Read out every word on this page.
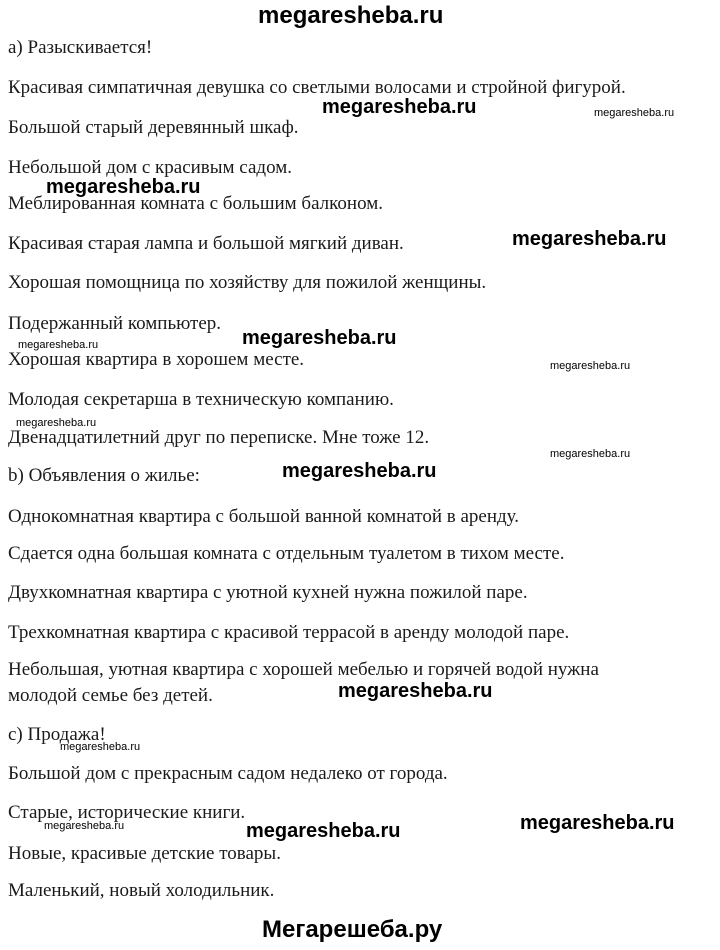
megaresheba.ru
a) Разыскивается!
Красивая симпатичная девушка со светлыми волосами и стройной фигурой.
Большой старый деревянный шкаф.
Небольшой дом с красивым садом.
Меблированная комната с большим балконом.
Красивая старая лампа и большой мягкий диван.
Хорошая помощница по хозяйству для пожилой женщины.
Подержанный компьютер.
Хорошая квартира в хорошем месте.
Молодая секретарша в техническую компанию.
Двенадцатилетний друг по переписке. Мне тоже 12.
b) Объявления о жилье:
Однокомнатная квартира с большой ванной комнатой в аренду.
Сдается одна большая комната с отдельным туалетом в тихом месте.
Двухкомнатная квартира с уютной кухней нужна пожилой паре.
Трехкомнатная квартира с красивой террасой в аренду молодой паре.
Небольшая, уютная квартира с хорошей мебелью и горячей водой нужна
молодой семье без детей.
c) Продажа!
Большой дом с прекрасным садом недалеко от города.
Старые, исторические книги.
Новые, красивые детские товары.
Маленький, новый холодильник.
megaresheba.ru	megaresheba.ru
megaresheba.ru
megaresheba.ru
megaresheba.ru
megaresheba.ru
megaresheba.ru
megaresheba.ru
megaresheba.ru
megaresheba.ru
megaresheba.ru
megaresheba.ru
megaresheba.ru	megaresheba.ru	megaresheba.ru
Мегарешеба.ру
